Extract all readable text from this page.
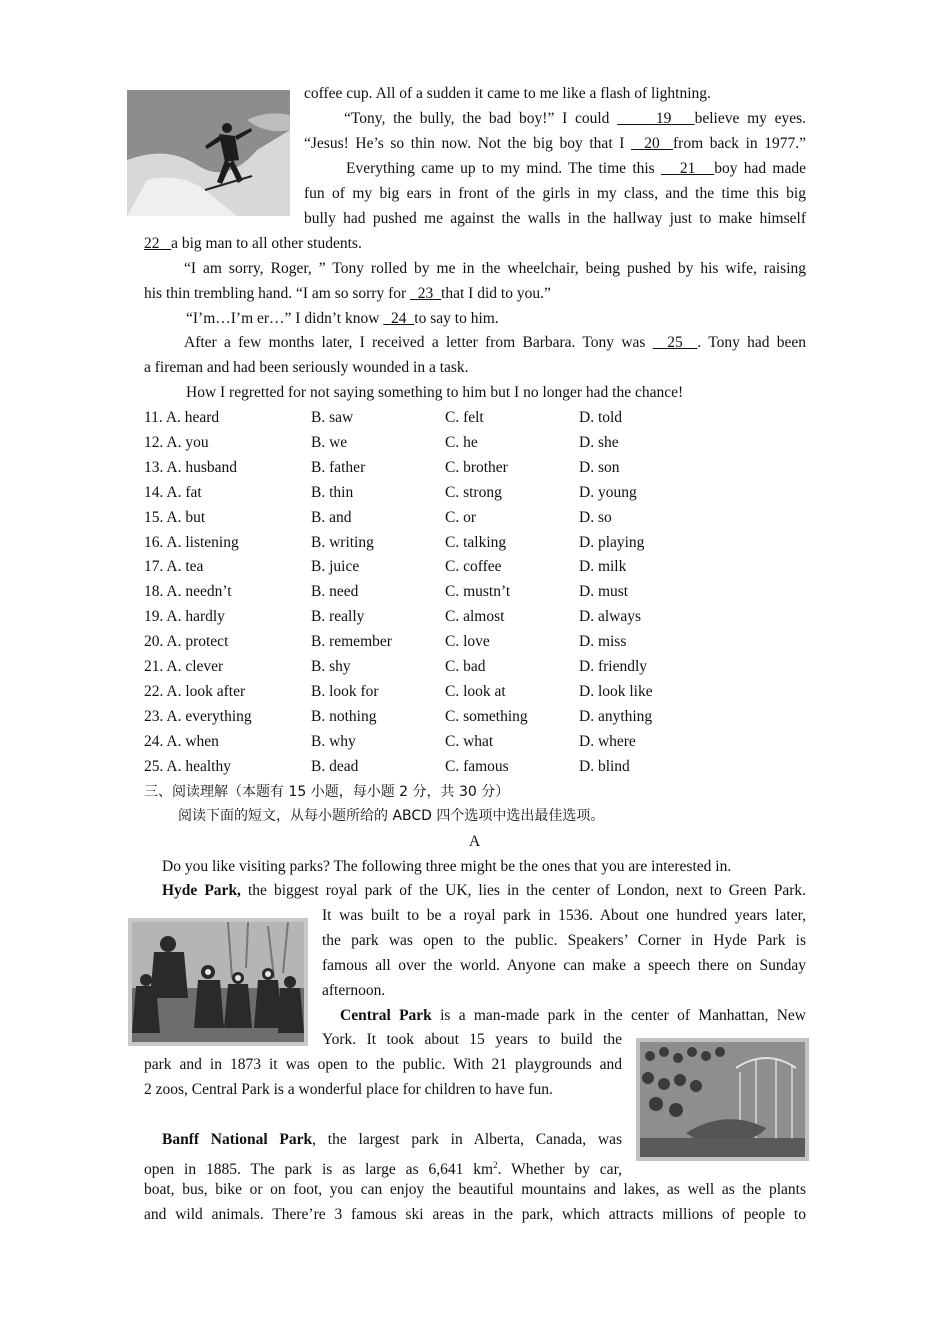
coffee cup. All of a sudden it came to me like a flash of lightning.
“Tony, the bully, the bad boy!” I could	19 believe my eyes.
“Jesus! He’s so thin now. Not the big boy that I 20 from back in 1977.”
Everything came up to my mind. The time this 21 boy had made
fun of my big ears in front of the girls in my class, and the time this big
bully had pushed me against the walls in the hallway just to make himself
22 a big man to all other students.
“I am sorry, Roger, ” Tony rolled by me in the wheelchair, being pushed by his wife, raising
his thin trembling hand. “I am so sorry for 23 that I did to you.”
“I’m…I’m er…” I didn’t know 24 to say to him.
After a few months later, I received a letter from Barbara. Tony was 25 . Tony had been
a fireman and had been seriously wounded in a task.
How I regretted for not saying something to him but I no longer had the chance!
11. A. heard	B. saw	C. felt	D. told
12. A. you	B. we	C. he	D. she
13. A. husband	B. father	C. brother	D. son
14. A. fat	B. thin	C. strong	D. young
15. A. but	B. and	C. or	D. so
16. A. listening	B. writing	C. talking	D. playing
17. A. tea	B. juice	C. coffee	D. milk
18. A. needn’t	B. need	C. mustn’t	D. must
19. A. hardly	B. really	C. almost	D. always
20. A. protect	B. remember	C. love	D. miss
21. A. clever	B. shy	C. bad	D. friendly
22. A. look after	B. look for	C. look at	D. look like
23. A. everything	B. nothing	C. something	D. anything
24. A. when	B. why	C. what	D. where
25. A. healthy	B. dead	C. famous	D. blind
三、阅读理解（本题有 15 小题，每小题 2 分，共 30 分）
阅读下面的短文，从每小题所给的 ABCD 四个选项中选出最佳选项。
A
Do you like visiting parks? The following three might be the ones that you are interested in.
Hyde Park, the biggest royal park of the UK, lies in the center of London, next to Green Park.
It was built to be a royal park in 1536. About one hundred years later,
the park was open to the public. Speakers’ Corner in Hyde Park is
famous all over the world. Anyone can make a speech there on Sunday
afternoon.
Central Park is a man-made park in the center of Manhattan, New
York. It took about 15 years to build the
park and in 1873 it was open to the public. With 21 playgrounds and
2 zoos, Central Park is a wonderful place for children to have fun.
Banff National Park, the largest park in Alberta, Canada, was
open in 1885. The park is as large as 6,641 $km^2$. Whether by car,
boat, bus, bike or on foot, you can enjoy the beautiful mountains and lakes, as well as the plants
and wild animals. There’re 3 famous ski areas in the park, which attracts millions of people to
